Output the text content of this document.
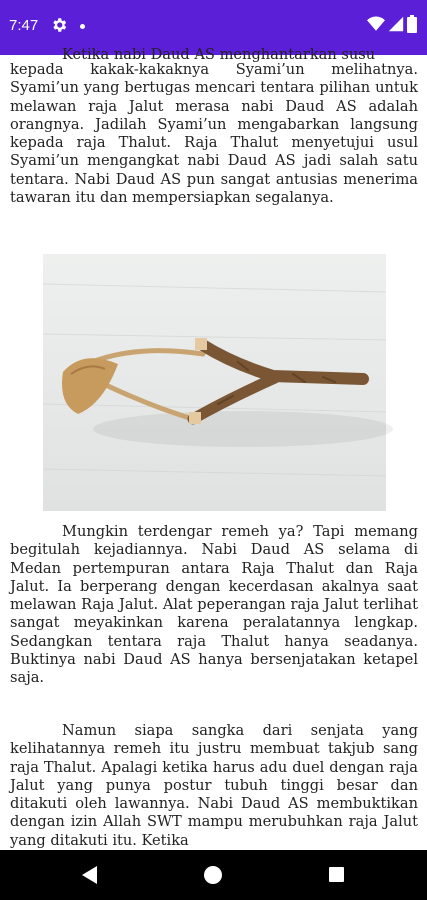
7:47

Ketika nabi Daud AS menghantarkan susu

kepada kakak-kakaknya Syami’un melihatnya. Syami’un yang bertugas mencari tentara pilihan untuk melawan raja Jalut merasa nabi Daud AS adalah orangnya. Jadilah Syami’un mengabarkan langsung kepada raja Thalut. Raja Thalut menyetujui usul Syami’un mengangkat nabi Daud AS jadi salah satu tentara. Nabi Daud AS pun sangat antusias menerima tawaran itu dan mempersiapkan segalanya.

Mungkin terdengar remeh ya? Tapi memang begitulah kejadiannya. Nabi Daud AS selama di Medan pertempuran antara Raja Thalut dan Raja Jalut. Ia berperang dengan kecerdasan akalnya saat melawan Raja Jalut. Alat peperangan raja Jalut terlihat sangat meyakinkan karena peralatannya lengkap. Sedangkan tentara raja Thalut hanya seadanya. Buktinya nabi Daud AS hanya bersenjatakan ketapel saja.

Namun siapa sangka dari senjata yang kelihatannya remeh itu justru membuat takjub sang raja Thalut. Apalagi ketika harus adu duel dengan raja Jalut yang punya postur tubuh tinggi besar dan ditakuti oleh lawannya. Nabi Daud AS membuktikan dengan izin Allah SWT mampu merubuhkan raja Jalut yang ditakuti itu. Ketika
